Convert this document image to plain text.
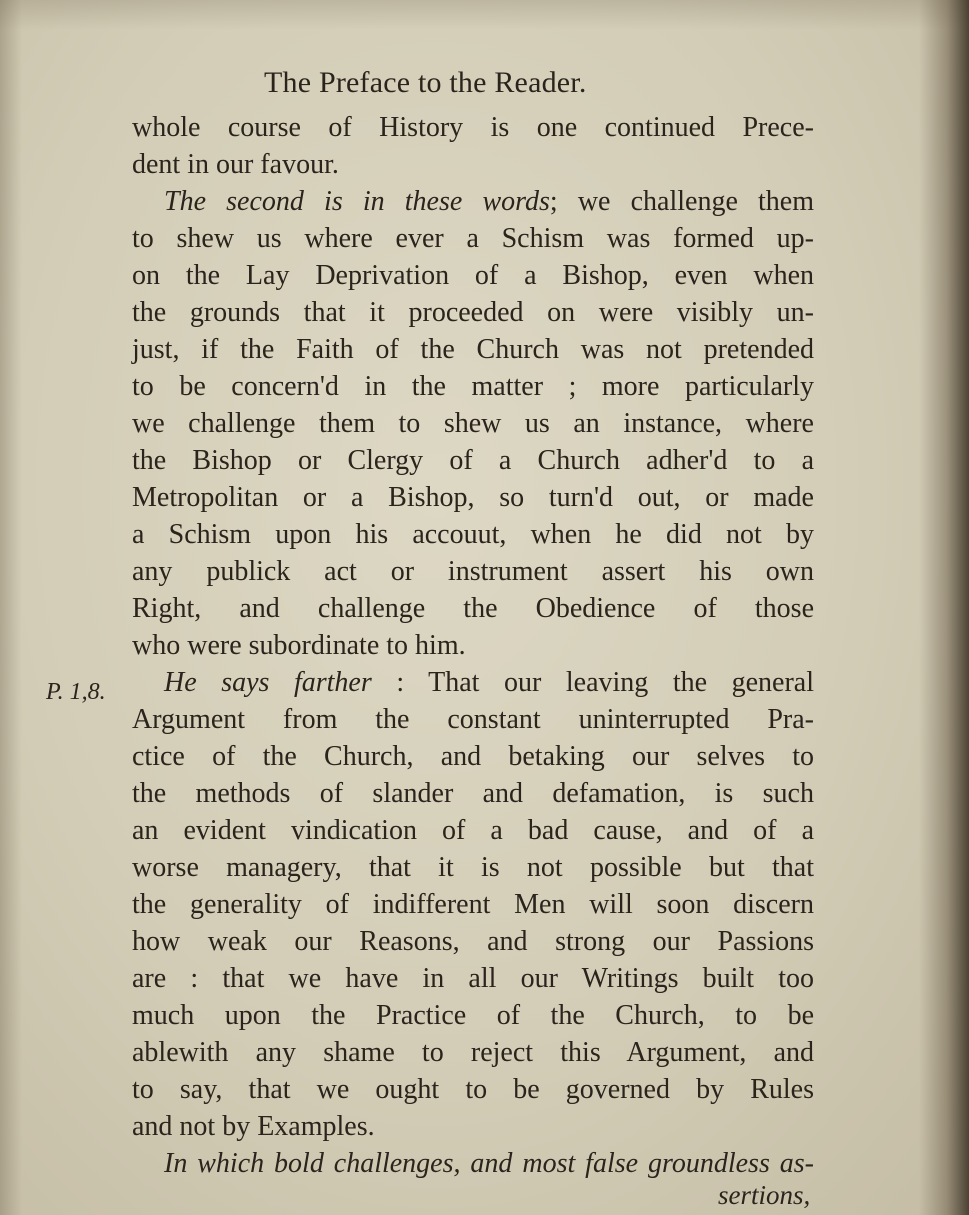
The Preface to the Reader.
whole course of History is one continued Prece-
dent in our favour.
The second is in these words; we challenge them
to shew us where ever a Schism was formed up-
on the Lay Deprivation of a Bishop, even when
the grounds that it proceeded on were visibly un-
just, if the Faith of the Church was not pretended
to be concern'd in the matter ; more particularly
we challenge them to shew us an instance, where
the Bishop or Clergy of a Church adher'd to a
Metropolitan or a Bishop, so turn'd out, or made
a Schism upon his accouut, when he did not by
any publick act or instrument assert his own
Right, and challenge the Obedience of those
who were subordinate to him.
P. 1,8. He says farther : That our leaving the general
Argument from the constant uninterrupted Pra-
ctice of the Church, and betaking our selves to
the methods of slander and defamation, is such
an evident vindication of a bad cause, and of a
worse managery, that it is not possible but that
the generality of indifferent Men will soon discern
how weak our Reasons, and strong our Passions
are : that we have in all our Writings built too
much upon the Practice of the Church, to be
ablewith any shame to reject this Argument, and
to say, that we ought to be governed by Rules
and not by Examples.
In which bold challenges, and most false groundless as-
sertions,
